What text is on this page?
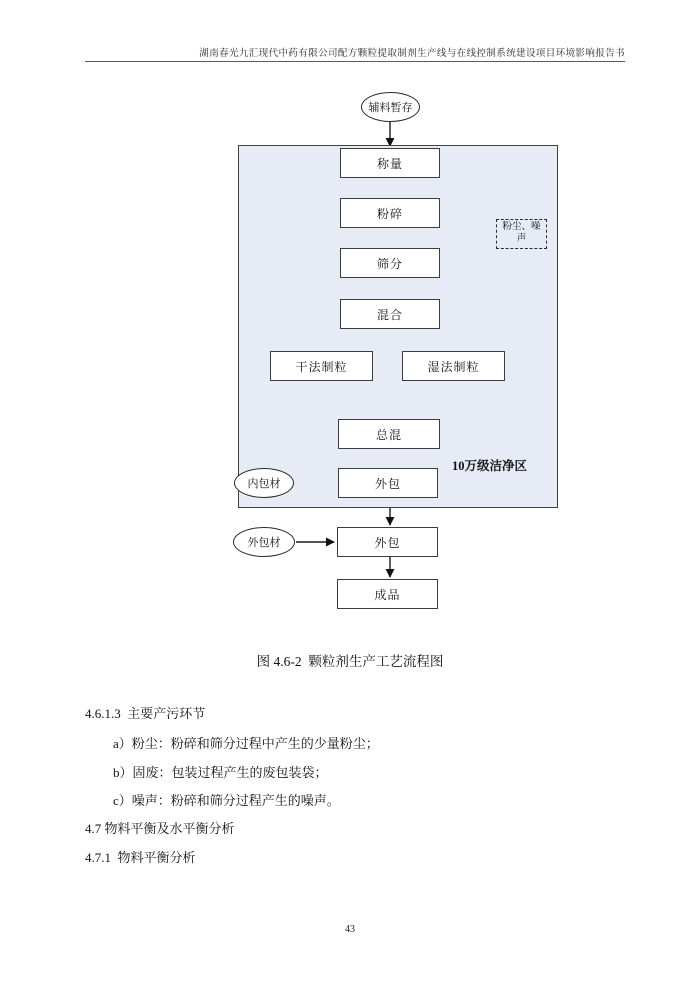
湖南春光九汇现代中药有限公司配方颗粒提取制剂生产线与在线控制系统建设项目环境影响报告书
10万级洁净区
辅料暂存
称量
粉碎
粉尘、噪声
筛分
混合
干法制粒	湿法制粒
总混
内包材	外包
外包材	外包
成品
图 4.6-2  颗粒剂生产工艺流程图
4.6.1.3  主要产污环节
a）粉尘：粉碎和筛分过程中产生的少量粉尘；
b）固废：包装过程产生的废包装袋；
c）噪声：粉碎和筛分过程产生的噪声。
4.7 物料平衡及水平衡分析
4.7.1  物料平衡分析
43
